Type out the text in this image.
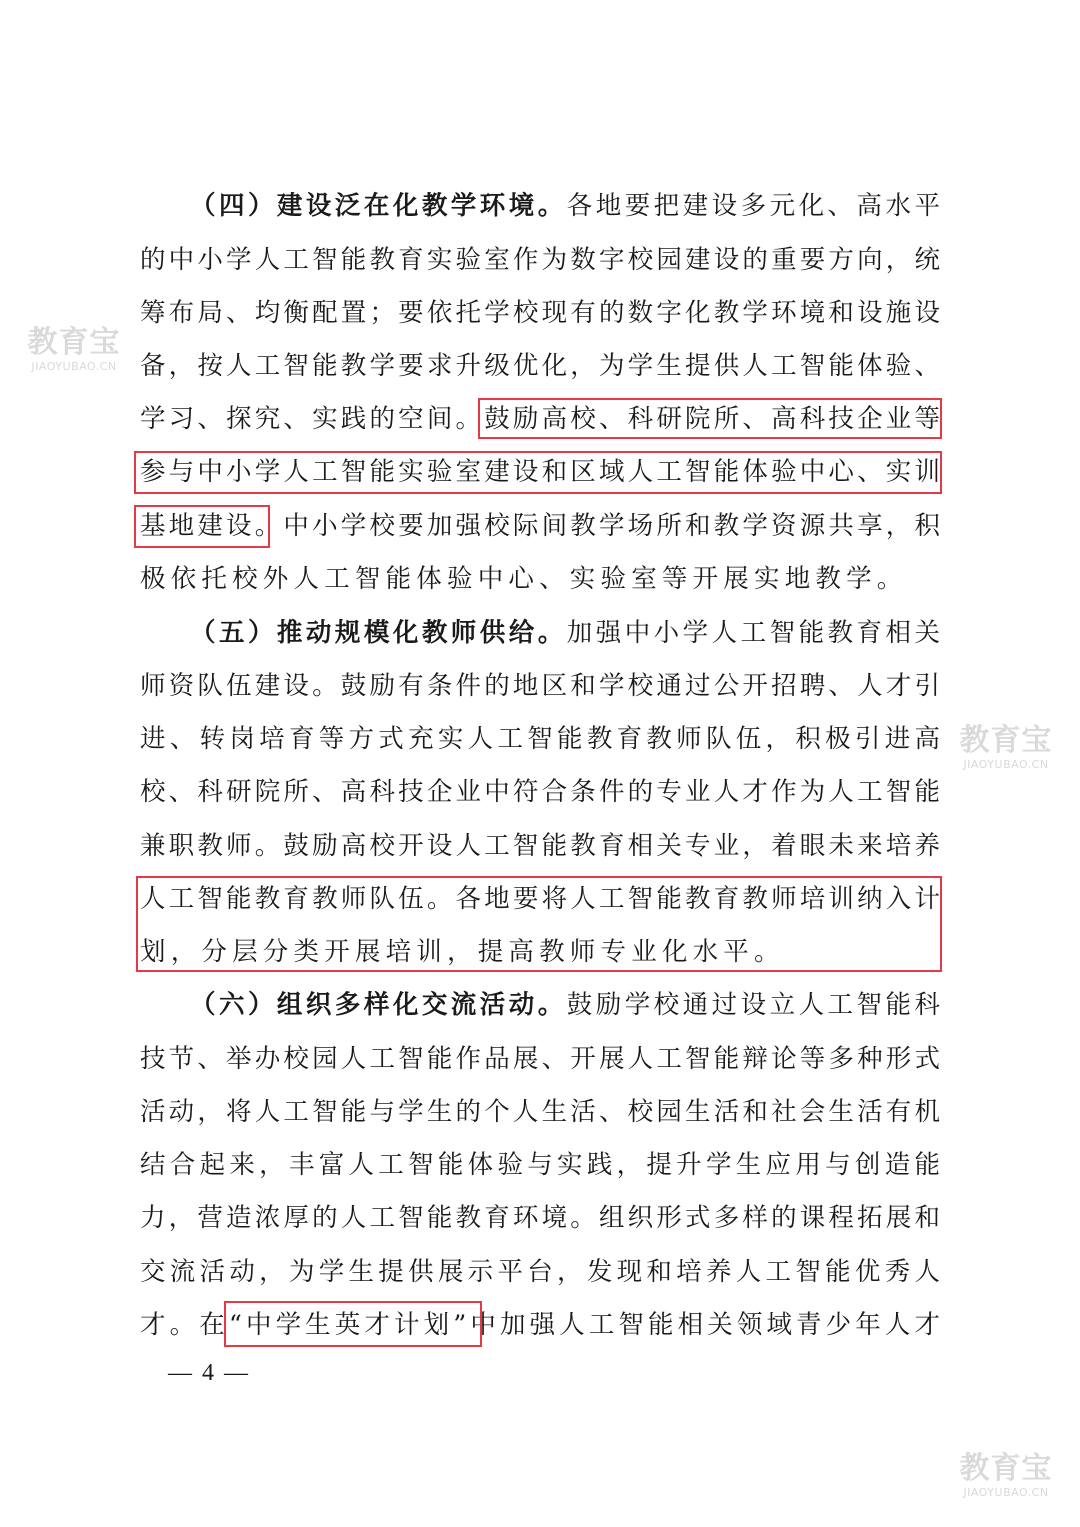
教育宝
JIAOYUBAO.CN
教育宝
JIAOYUBAO.CN
教育宝
JIAOYUBAO.CN
（四）建设泛在化教学环境。各地要把建设多元化、高水平
的中小学人工智能教育实验室作为数字校园建设的重要方向，统
筹布局、均衡配置；要依托学校现有的数字化教学环境和设施设
备，按人工智能教学要求升级优化，为学生提供人工智能体验、
学习、探究、实践的空间。鼓励高校、科研院所、高科技企业等
参与中小学人工智能实验室建设和区域人工智能体验中心、实训
基地建设。中小学校要加强校际间教学场所和教学资源共享，积
极依托校外人工智能体验中心、实验室等开展实地教学。
（五）推动规模化教师供给。加强中小学人工智能教育相关
师资队伍建设。鼓励有条件的地区和学校通过公开招聘、人才引
进、转岗培育等方式充实人工智能教育教师队伍，积极引进高
校、科研院所、高科技企业中符合条件的专业人才作为人工智能
兼职教师。鼓励高校开设人工智能教育相关专业，着眼未来培养
人工智能教育教师队伍。各地要将人工智能教育教师培训纳入计
划，分层分类开展培训，提高教师专业化水平。
（六）组织多样化交流活动。鼓励学校通过设立人工智能科
技节、举办校园人工智能作品展、开展人工智能辩论等多种形式
活动，将人工智能与学生的个人生活、校园生活和社会生活有机
结合起来，丰富人工智能体验与实践，提升学生应用与创造能
力，营造浓厚的人工智能教育环境。组织形式多样的课程拓展和
交流活动，为学生提供展示平台，发现和培养人工智能优秀人
才。在“中学生英才计划”中加强人工智能相关领域青少年人才
— 4 —
